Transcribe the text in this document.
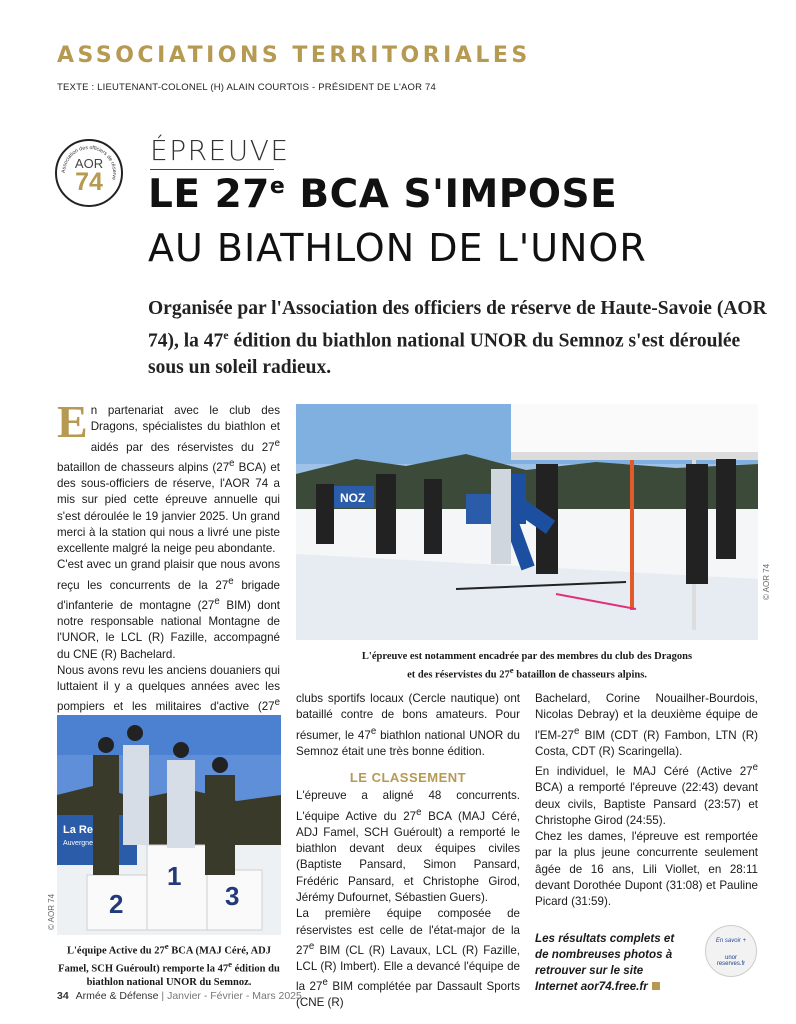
ASSOCIATIONS TERRITORIALES
TEXTE : LIEUTENANT-COLONEL (H) ALAIN COURTOIS - PRÉSIDENT DE L'AOR 74
Association des officiers de réserve
AOR
74
ÉPREUVE
LE 27e BCA S'IMPOSE
AU BIATHLON DE L'UNOR
Organisée par l'Association des officiers de réserve de Haute-Savoie (AOR 74), la 47e édition du biathlon national UNOR du Semnoz s'est déroulée sous un soleil radieux.

En partenariat avec le club des Dragons, spécialistes du biathlon et aidés par des réservistes du 27e bataillon de chasseurs alpins (27e BCA) et des sous-officiers de réserve, l'AOR 74 a mis sur pied cette épreuve annuelle qui s'est déroulée le 19 janvier 2025. Un grand merci à la station qui nous a livré une piste excellente malgré la neige peu abondante.

C'est avec un grand plaisir que nous avons reçu les concurrents de la 27e brigade d'infanterie de montagne (27e BIM) dont notre responsable national Montagne de l'UNOR, le LCL (R) Fazille, accompagné du CNE (R) Bachelard.

Nous avons revu les anciens douaniers qui luttaient il y a quelques années avec les pompiers et les militaires d'active (27e

NOZ
© AOR 74
L'épreuve est notamment encadrée par des membres du club des Dragons
et des réservistes du 27e bataillon de chasseurs alpins.
La Re
Auvergne
2
1
3
© AOR 74
L'équipe Active du 27e BCA (MAJ Céré, ADJ Famel, SCH Guéroult) remporte la 47e édition du biathlon national UNOR du Semnoz.

clubs sportifs locaux (Cercle nautique) ont bataillé contre de bons amateurs. Pour résumer, le 47e biathlon national UNOR du Semnoz était une très bonne édition.

LE CLASSEMENT

L'épreuve a aligné 48 concurrents. L'équipe Active du 27e BCA (MAJ Céré, ADJ Famel, SCH Guéroult) a remporté le biathlon devant deux équipes civiles (Baptiste Pansard, Simon Pansard, Frédéric Pansard, et Christophe Girod, Jérémy Dufournet, Sébastien Guers).

La première équipe composée de réservistes est celle de l'état-major de la 27e BIM (CL (R) Lavaux, LCL (R) Fazille, LCL (R) Imbert). Elle a devancé l'équipe de la 27e BIM complétée par Dassault Sports (CNE (R)

Bachelard, Corine Nouailher-Bourdois, Nicolas Debray) et la deuxième équipe de l'EM-27e BIM (CDT (R) Fambon, LTN (R) Costa, CDT (R) Scaringella).

En individuel, le MAJ Céré (Active 27e BCA) a remporté l'épreuve (22:43) devant deux civils, Baptiste Pansard (23:57) et Christophe Girod (24:55).

Chez les dames, l'épreuve est remportée par la plus jeune concurrente seulement âgée de 16 ans, Lili Viollet, en 28:11 devant Dorothée Dupont (31:08) et Pauline Picard (31:59).

Les résultats complets et de nombreuses photos à retrouver sur le site Internet aor74.free.fr

En savoir +
unor
reserves.fr
34 Armée & Défense | Janvier - Février - Mars 2025
